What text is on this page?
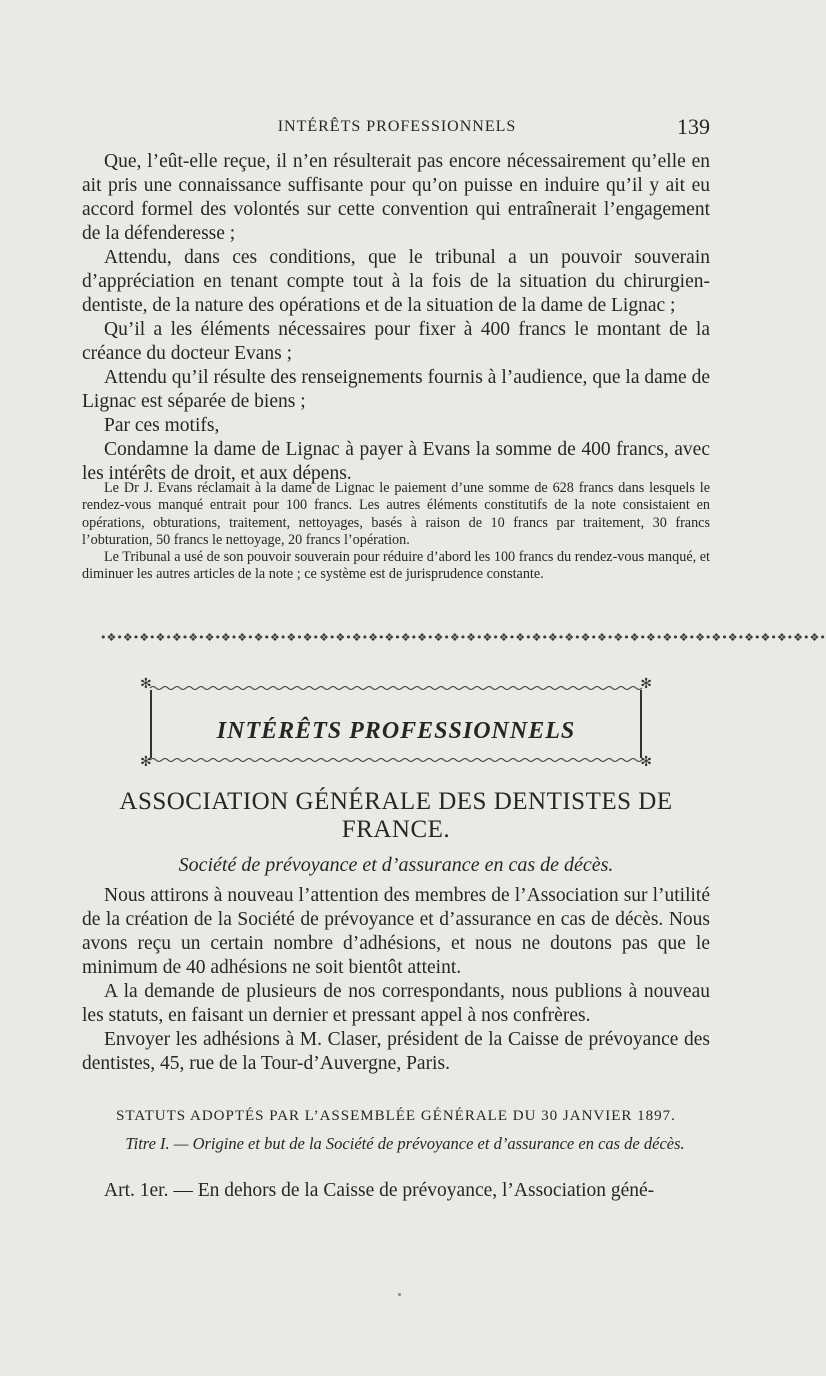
INTÉRÊTS PROFESSIONNELS	139

Que, l’eût-elle reçue, il n’en résulterait pas encore nécessairement qu’elle en ait pris une connaissance suffisante pour qu’on puisse en induire qu’il y ait eu accord formel des volontés sur cette convention qui entraînerait l’engagement de la défenderesse ;

Attendu, dans ces conditions, que le tribunal a un pouvoir souverain d’appréciation en tenant compte tout à la fois de la situation du chirurgien-dentiste, de la nature des opérations et de la situation de la dame de Lignac ;

Qu’il a les éléments nécessaires pour fixer à 400 francs le montant de la créance du docteur Evans ;

Attendu qu’il résulte des renseignements fournis à l’audience, que la dame de Lignac est séparée de biens ;

Par ces motifs,

Condamne la dame de Lignac à payer à Evans la somme de 400 francs, avec les intérêts de droit, et aux dépens.

Le Dr J. Evans réclamait à la dame de Lignac le paiement d’une somme de 628 francs dans lesquels le rendez-vous manqué entrait pour 100 francs. Les autres éléments constitutifs de la note consistaient en opérations, obturations, traitement, nettoyages, basés à raison de 10 francs par traitement, 30 francs l’obturation, 50 francs le nettoyage, 20 francs l’opération.

Le Tribunal a usé de son pouvoir souverain pour réduire d’abord les 100 francs du rendez-vous manqué, et diminuer les autres articles de la note ; ce système est de jurisprudence constante.

•❖•❖•❖•❖•❖•❖•❖•❖•❖•❖•❖•❖•❖•❖•❖•❖•❖•❖•❖•❖•❖•❖•❖•❖•❖•❖•❖•❖•❖•❖•❖•❖•❖•❖•❖•❖•❖•❖•❖•❖•❖•❖•❖•❖•
✻	✻
✻	✻
INTÉRÊTS PROFESSIONNELS
ASSOCIATION GÉNÉRALE DES DENTISTES DE FRANCE.
Société de prévoyance et d’assurance en cas de décès.

Nous attirons à nouveau l’attention des membres de l’Association sur l’utilité de la création de la Société de prévoyance et d’assurance en cas de décès. Nous avons reçu un certain nombre d’adhésions, et nous ne doutons pas que le minimum de 40 adhésions ne soit bientôt atteint.

A la demande de plusieurs de nos correspondants, nous publions à nouveau les statuts, en faisant un dernier et pressant appel à nos confrères.

Envoyer les adhésions à M. Claser, président de la Caisse de prévoyance des dentistes, 45, rue de la Tour-d’Auvergne, Paris.

STATUTS ADOPTÉS PAR L’ASSEMBLÉE GÉNÉRALE DU 30 JANVIER 1897.
Titre I. — Origine et but de la Société de prévoyance et d’assurance en cas de décès.
Art. 1er. — En dehors de la Caisse de prévoyance, l’Association géné-
